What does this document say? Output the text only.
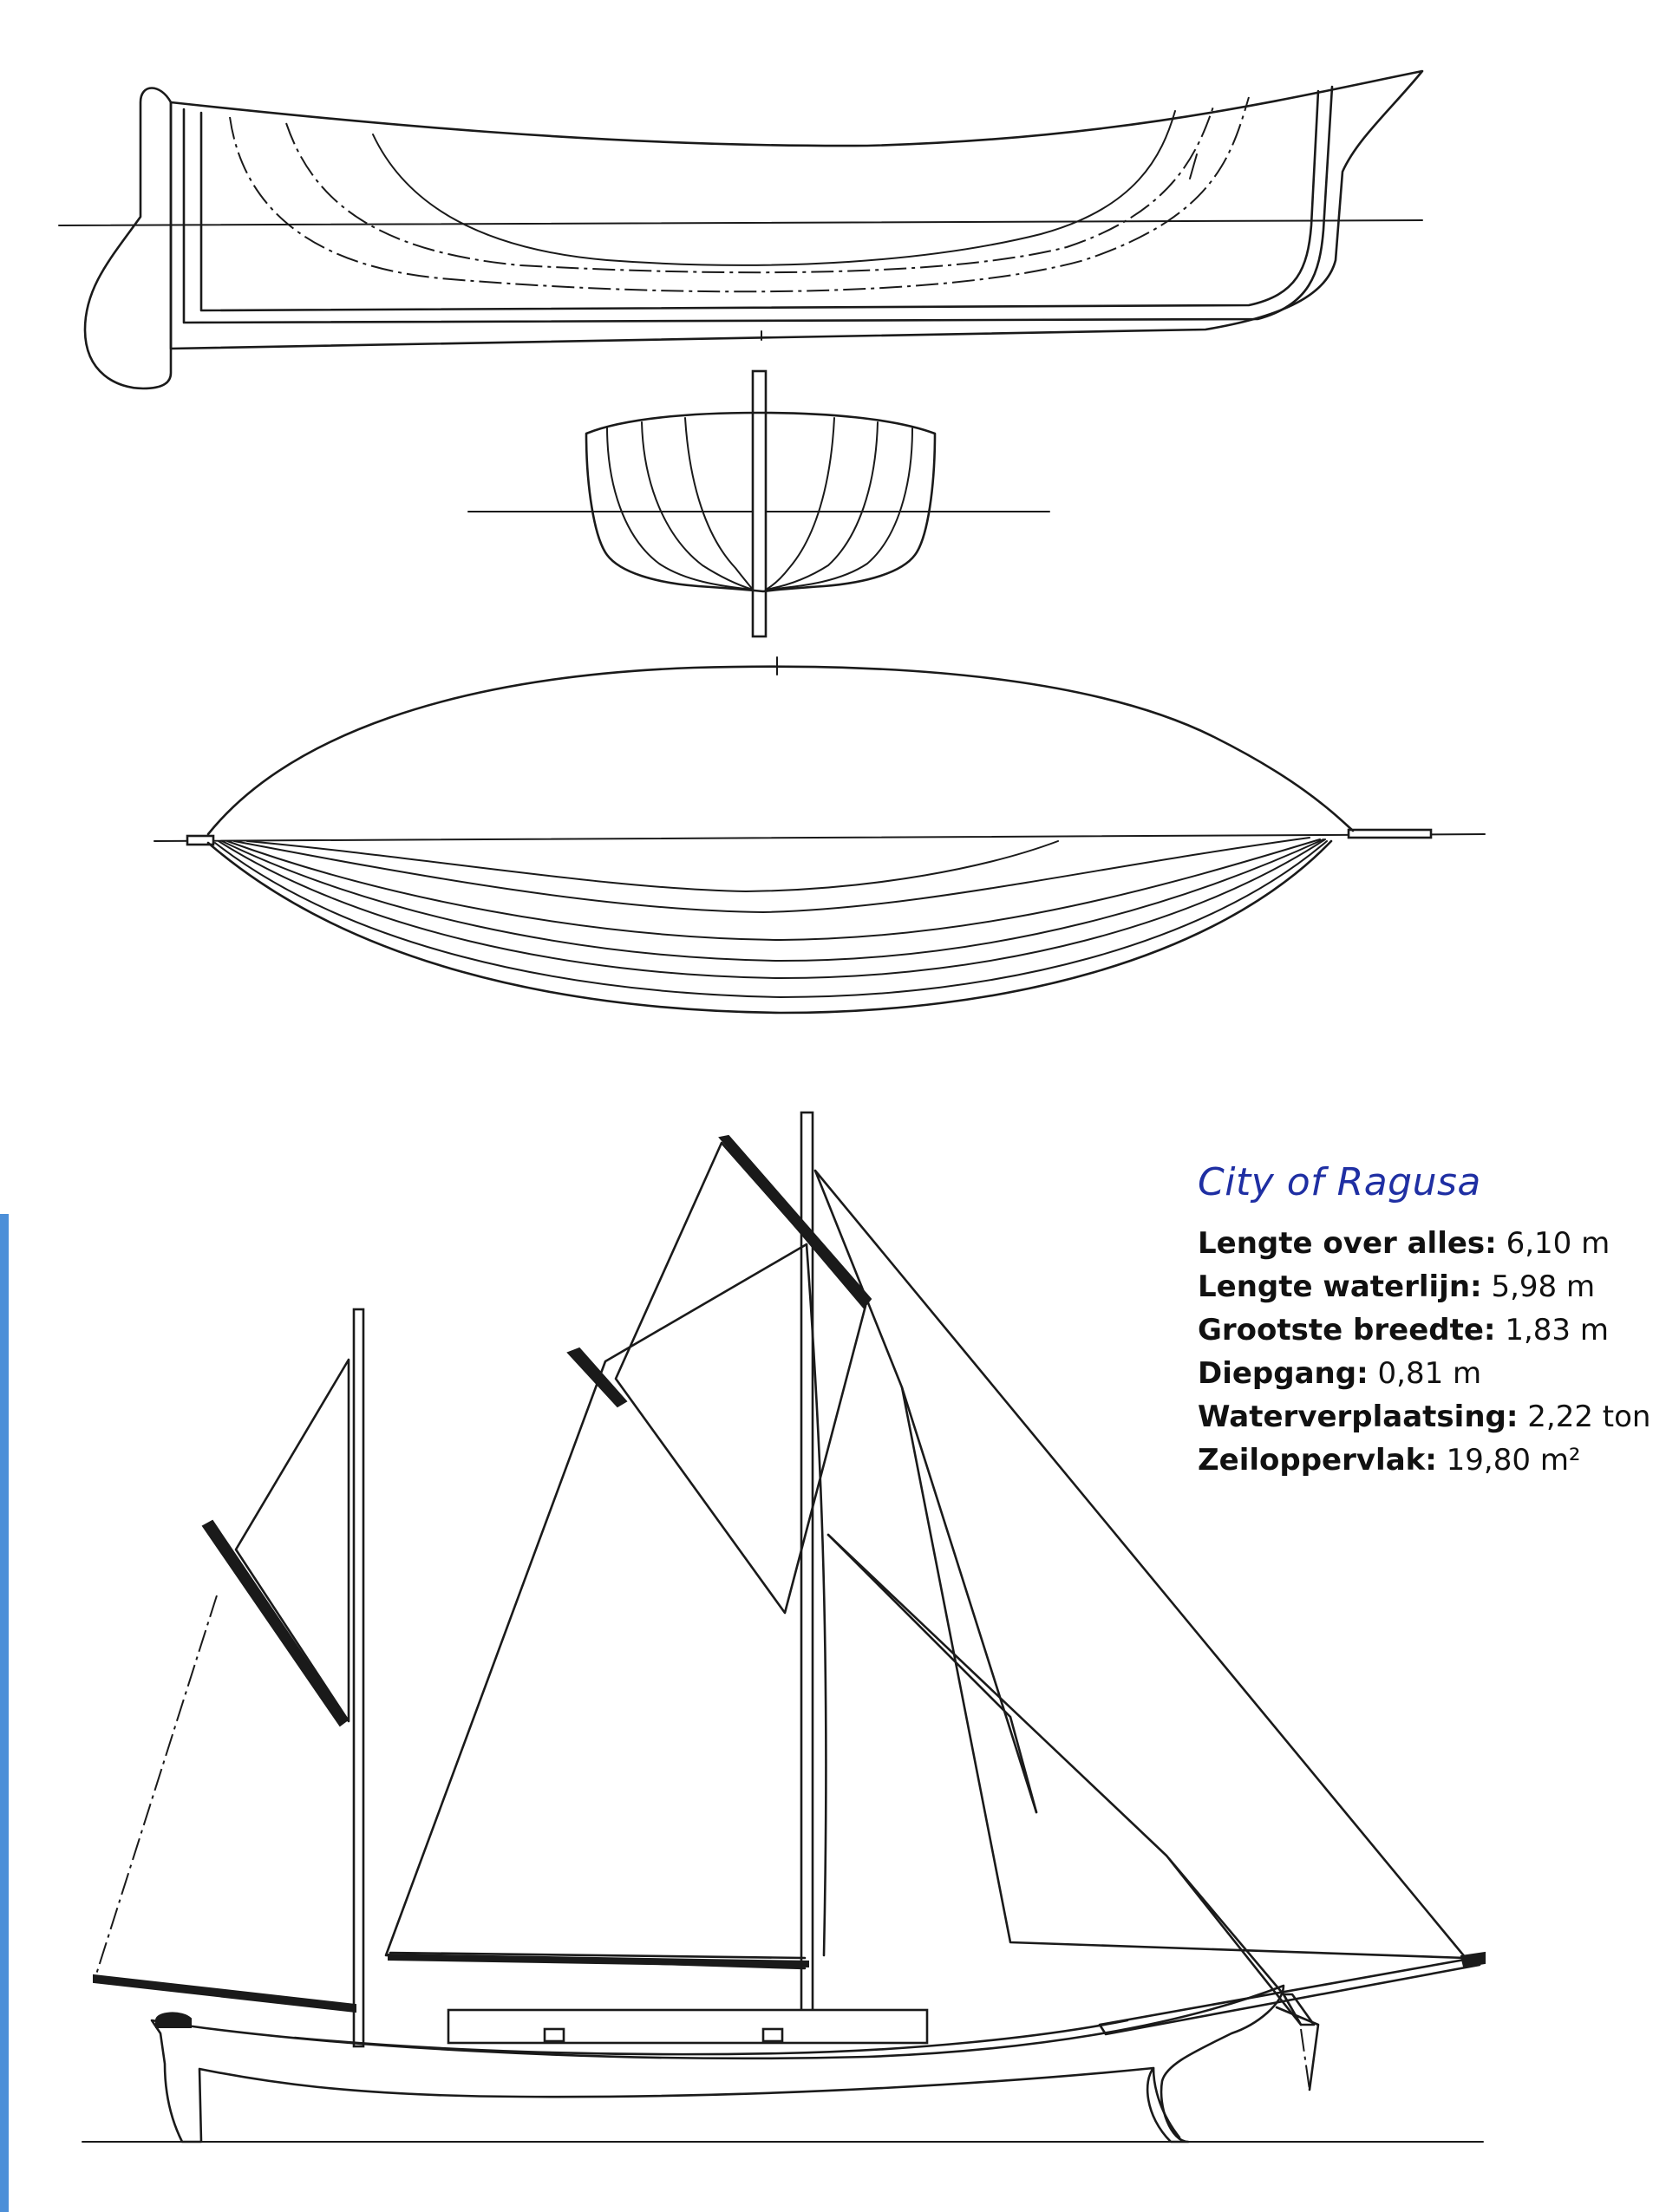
City of Ragusa
Lengte over alles: 6,10 m
Lengte waterlijn: 5,98 m
Grootste breedte: 1,83 m
Diepgang: 0,81 m
Waterverplaatsing: 2,22 ton
Zeiloppervlak: 19,80 m²
